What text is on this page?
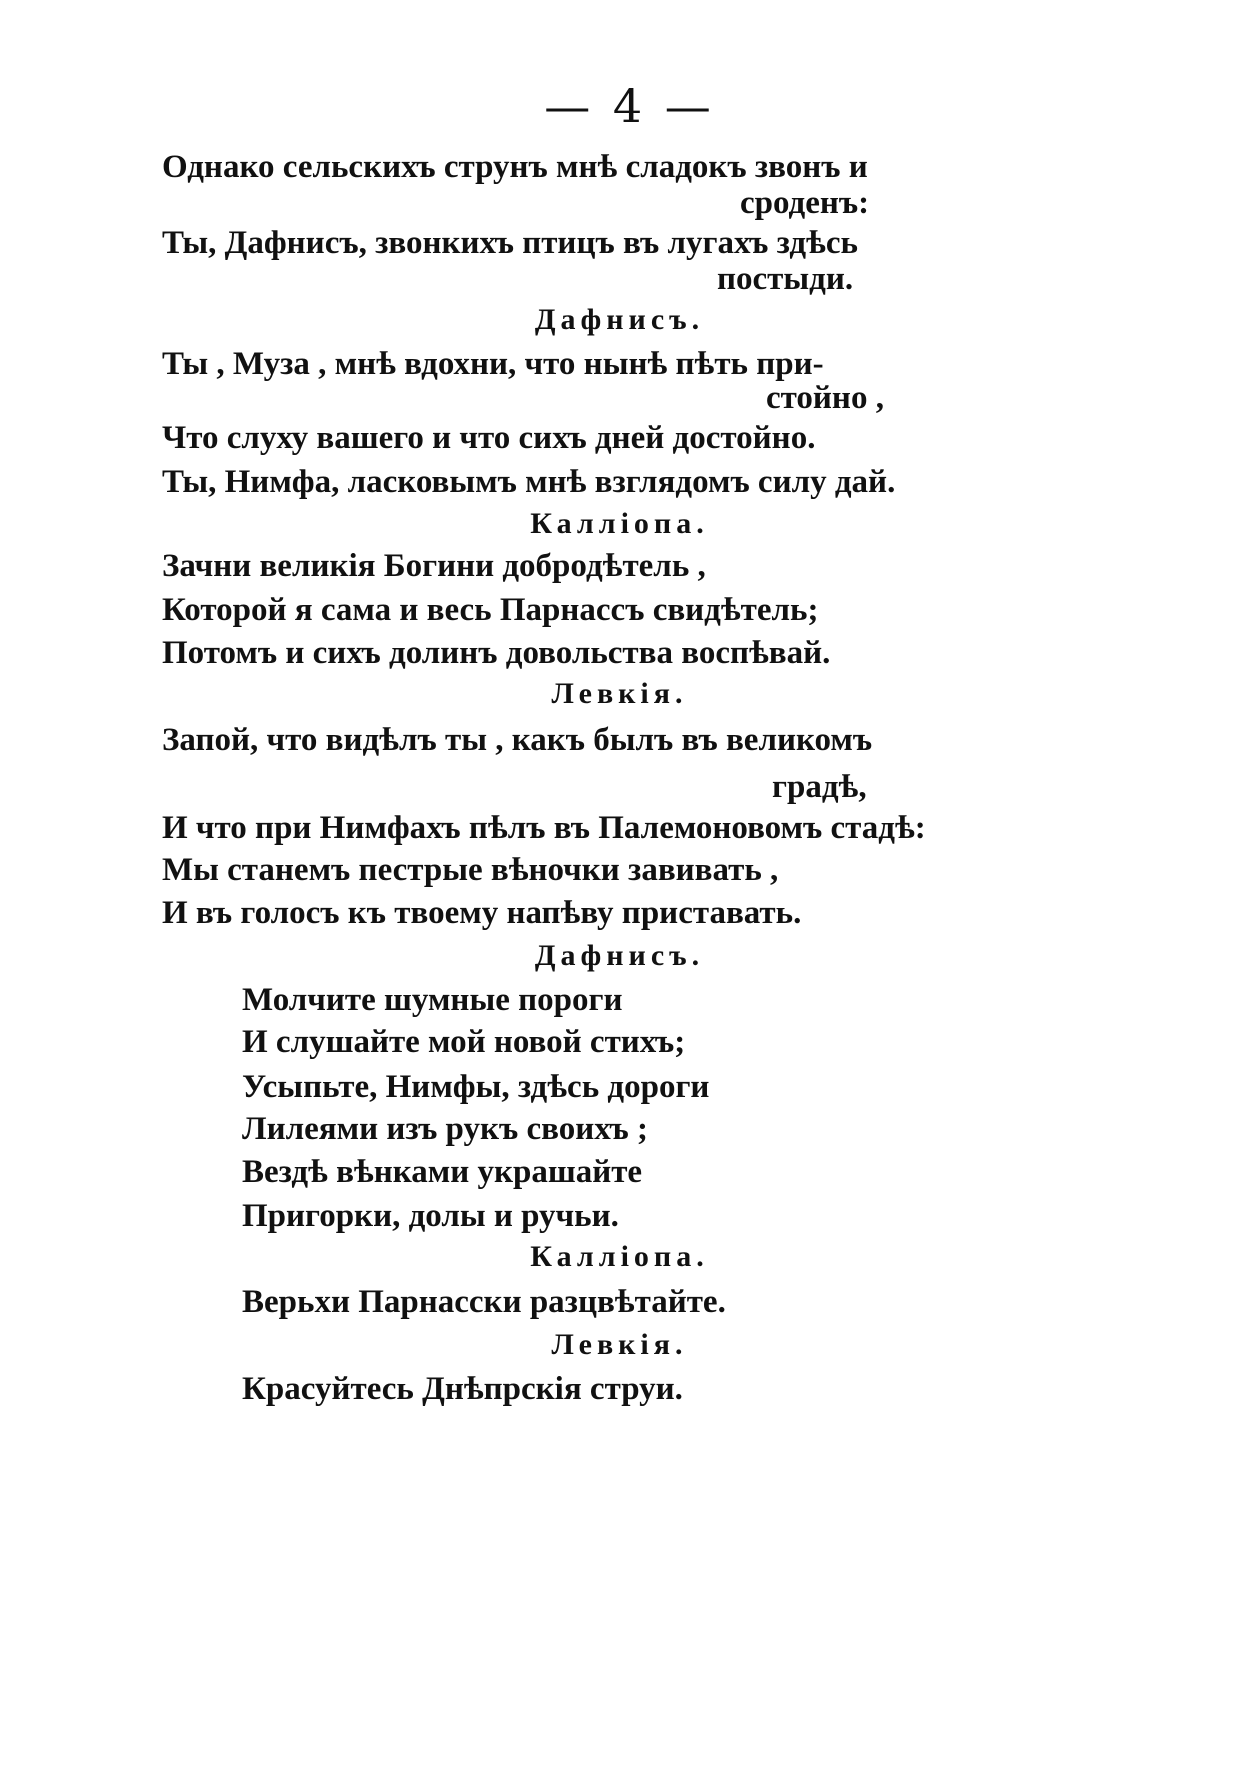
— 4 —
Однако сельскихъ струнъ мнѣ сладокъ звонъ и
сроденъ:
Ты, Дафнисъ, звонкихъ птицъ въ лугахъ здѣсь
постыди.
Дафнисъ.
Ты , Муза , мнѣ вдохни, что нынѣ пѣть при-
стойно ,
Что слуху вашего и что сихъ дней достойно.
Ты, Нимфа, ласковымъ мнѣ взглядомъ силу дай.
Каллiопа.
Зачни великiя Богини добродѣтель ,
Которой я сама и весь Парнассъ свидѣтель;
Потомъ и сихъ долинъ довольства воспѣвай.
Левкiя.
Запой, что видѣлъ ты , какъ былъ въ великомъ
градѣ,
И что при Нимфахъ пѣлъ въ Палемоновомъ стадѣ:
Мы станемъ пестрые вѣночки завивать ,
И въ голосъ къ твоему напѣву приставать.
Дафнисъ.
Молчите шумные пороги
И слушайте мой новой стихъ;
Усыпьте, Нимфы, здѣсь дороги
Лилеями изъ рукъ своихъ ;
Вездѣ вѣнками украшайте
Пригорки, долы и ручьи.
Каллiопа.
Верьхи Парнасски разцвѣтайте.
Левкiя.
Красуйтесь Днѣпрскiя струи.
